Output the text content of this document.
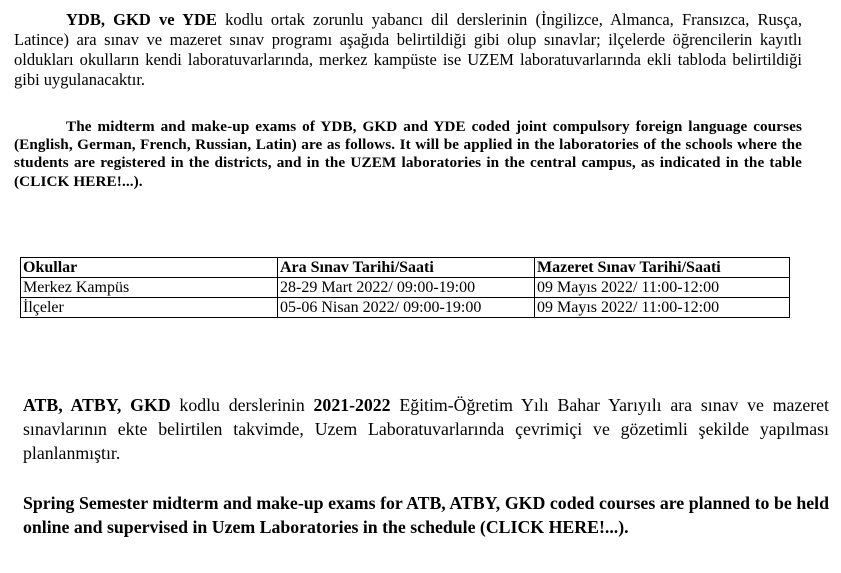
YDB, GKD ve YDE kodlu ortak zorunlu yabancı dil derslerinin (İngilizce, Almanca, Fransızca, Rusça, Latince) ara sınav ve mazeret sınav programı aşağıda belirtildiği gibi olup sınavlar; ilçelerde öğrencilerin kayıtlı oldukları okulların kendi laboratuvarlarında, merkez kampüste ise UZEM laboratuvarlarında ekli tabloda belirtildiği gibi uygulanacaktır.

The midterm and make-up exams of YDB, GKD and YDE coded joint compulsory foreign language courses (English, German, French, Russian, Latin) are as follows. It will be applied in the laboratories of the schools where the students are registered in the districts, and in the UZEM laboratories in the central campus, as indicated in the table (CLICK HERE!...).

Okullar	Ara Sınav Tarihi/Saati	Mazeret Sınav Tarihi/Saati
Merkez Kampüs	28-29 Mart 2022/ 09:00-19:00	09 Mayıs 2022/ 11:00-12:00
İlçeler	05-06 Nisan 2022/ 09:00-19:00	09 Mayıs 2022/ 11:00-12:00

ATB, ATBY, GKD kodlu derslerinin 2021-2022 Eğitim-Öğretim Yılı Bahar Yarıyılı ara sınav ve mazeret sınavlarının ekte belirtilen takvimde, Uzem Laboratuvarlarında çevrimiçi ve gözetimli şekilde yapılması planlanmıştır.

Spring Semester midterm and make-up exams for ATB, ATBY, GKD coded courses are planned to be held online and supervised in Uzem Laboratories in the schedule (CLICK HERE!...).
